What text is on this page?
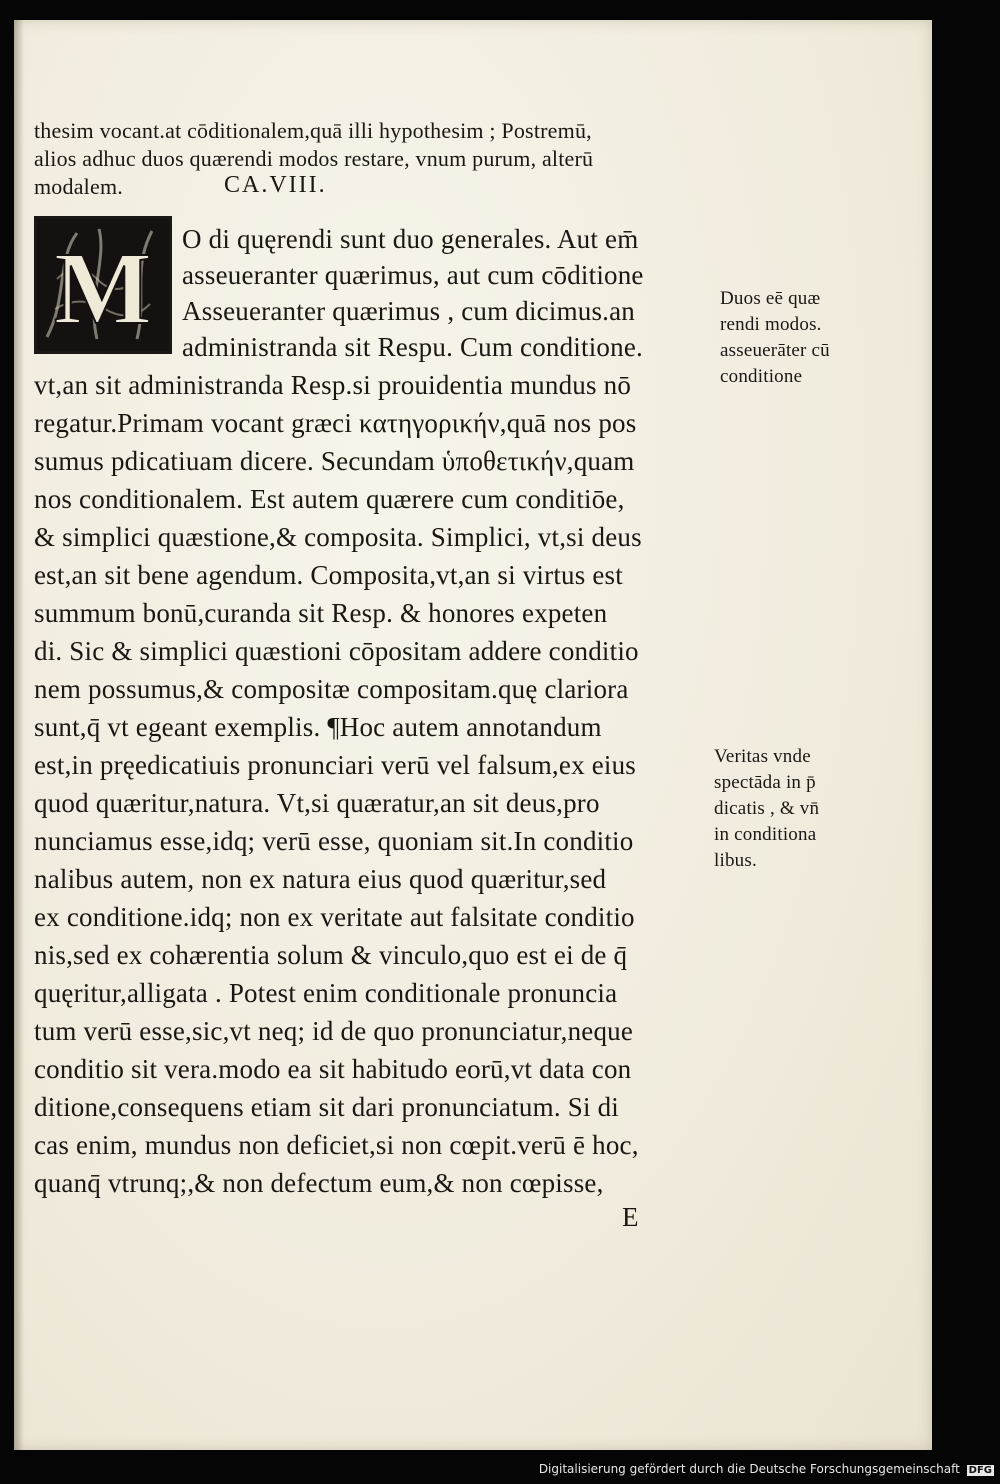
thesim vocant.at cōditionalem,quā illi hypothesim ; Postremū,
alios adhuc duos quærendi modos restare, vnum purum, alterū
modalem.	CA.VIII.
M O di quęrendi sunt duo generales. Aut em̄
asseueranter quærimus, aut cum cōditione
Asseueranter quærimus , cum dicimus.an
administranda sit Respu. Cum conditione.
vt,an sit administranda Resp.si prouidentia mundus nō
regatur.Primam vocant græci κατηγορικήν,quā nos pos
sumus pdicatiuam dicere. Secundam ὑποθετικήν,quam
nos conditionalem. Est autem quærere cum conditiōe,
& simplici quæstione,& composita. Simplici, vt,si deus
est,an sit bene agendum. Composita,vt,an si virtus est
summum bonū,curanda sit Resp. & honores expeten
di. Sic & simplici quæstioni cōpositam addere conditio
nem possumus,& compositæ compositam.quę clariora
sunt,q̄ vt egeant exemplis. ¶Hoc autem annotandum
est,in pręedicatiuis pronunciari verū vel falsum,ex eius
quod quæritur,natura. Vt,si quæratur,an sit deus,pro
nunciamus esse,idq; verū esse, quoniam sit.In conditio
nalibus autem, non ex natura eius quod quæritur,sed
ex conditione.idq; non ex veritate aut falsitate conditio
nis,sed ex cohærentia solum & vinculo,quo est ei de q̄
quęritur,alligata . Potest enim conditionale pronuncia
tum verū esse,sic,vt neq; id de quo pronunciatur,neque
conditio sit vera.modo ea sit habitudo eorū,vt data con
ditione,consequens etiam sit dari pronunciatum. Si di
cas enim, mundus non deficiet,si non cœpit.verū ē hoc,
quanq̄ vtrunq;,& non defectum eum,& non cœpisse,
E
Duos eē quæ
rendi modos.
asseuerāter cū
conditione
Veritas vnde
spectāda in p̄
dicatis , & vn̄
in conditiona
libus.
Digitalisierung gefördert durch die Deutsche Forschungsgemeinschaft DFG
